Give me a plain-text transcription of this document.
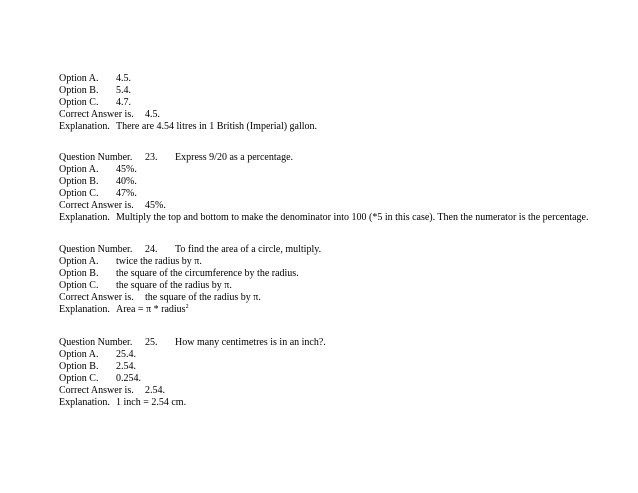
Option A. 4.5.
Option B. 5.4.
Option C. 4.7.
Correct Answer is. 4.5.
Explanation. There are 4.54 litres in 1 British (Imperial) gallon.
Question Number. 23. Express 9/20 as a percentage.
Option A. 45%.
Option B. 40%.
Option C. 47%.
Correct Answer is. 45%.
Explanation. Multiply the top and bottom to make the denominator into 100 (*5 in this case). Then the numerator is the percentage.
Question Number. 24. To find the area of a circle, multiply.
Option A. twice the radius by π.
Option B. the square of the circumference by the radius.
Option C. the square of the radius by π.
Correct Answer is. the square of the radius by π.
Explanation. Area = π * radius$^2$
Question Number. 25. How many centimetres is in an inch?.
Option A. 25.4.
Option B. 2.54.
Option C. 0.254.
Correct Answer is. 2.54.
Explanation. 1 inch = 2.54 cm.
